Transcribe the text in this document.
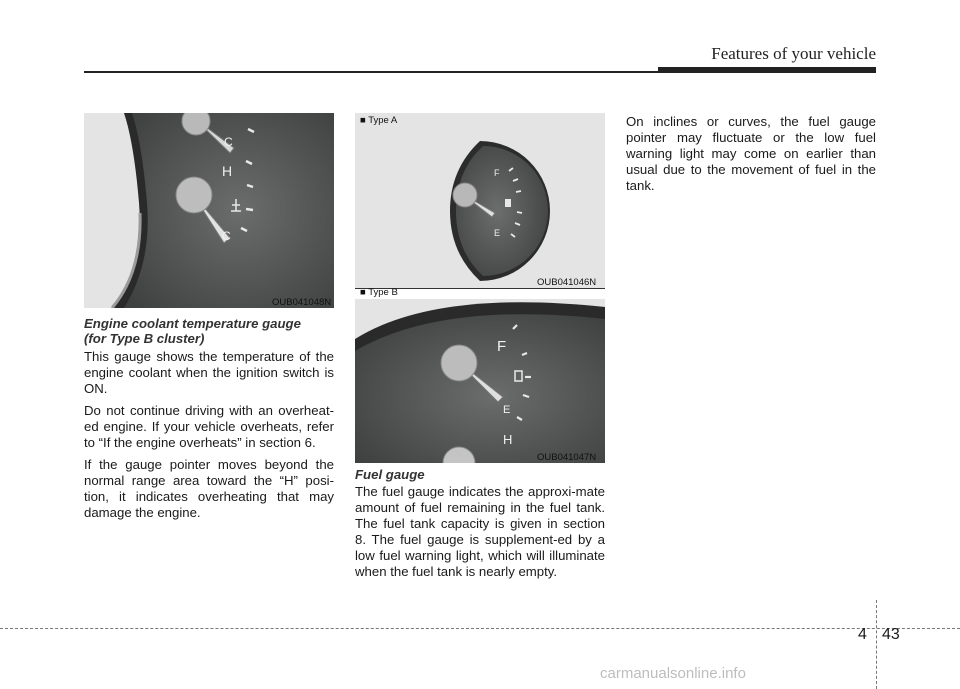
Features of your vehicle
H
C
C
OUB041048N
Engine coolant temperature gauge
(for Type B cluster)

This gauge shows the temperature of the engine coolant when the ignition switch is ON.

Do not continue driving with an overheat-ed engine. If your vehicle overheats, refer to “If the engine overheats” in section 6.

If the gauge pointer moves beyond the normal range area toward the “H” posi-tion, it indicates overheating that may damage the engine.

F
E
■ Type A
OUB041046N
■ Type B
F
E
H
OUB041047N
Fuel gauge

The fuel gauge indicates the approxi-mate amount of fuel remaining in the fuel tank. The fuel tank capacity is given in section 8. The fuel gauge is supplement-ed by a low fuel warning light, which will illuminate when the fuel tank is nearly empty.

On inclines or curves, the fuel gauge pointer may fluctuate or the low fuel warning light may come on earlier than usual due to the movement of fuel in the tank.

4 43
carmanualsonline.info
